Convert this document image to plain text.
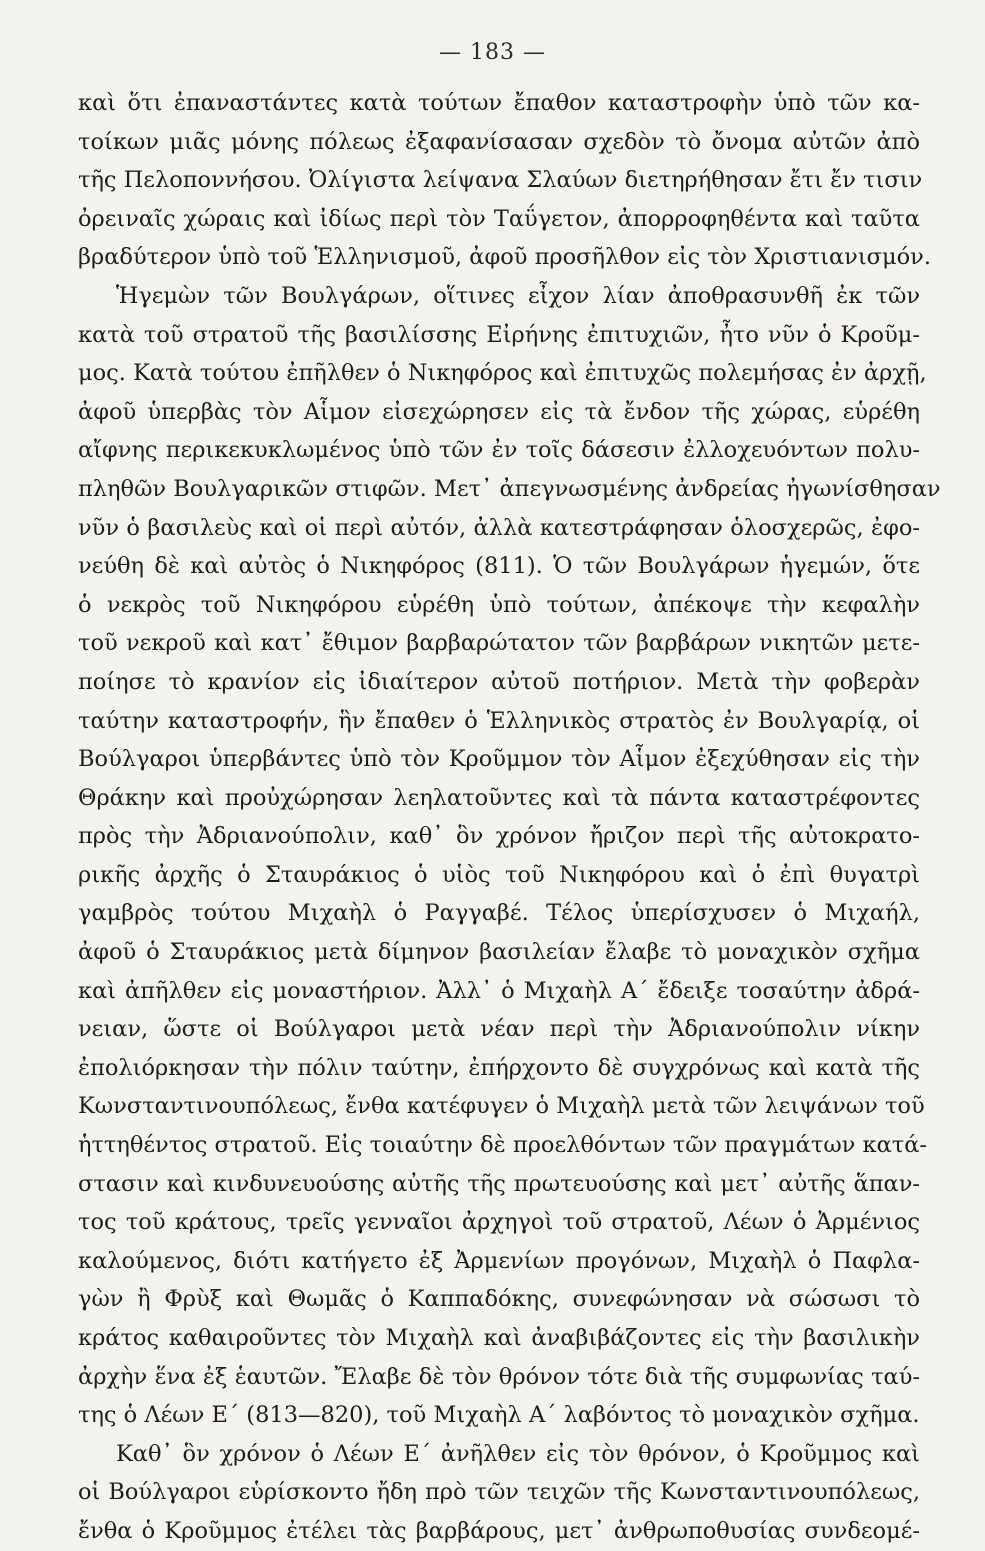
— 183 —
καὶ ὅτι ἐπαναστάντες κατὰ τούτων ἔπαθον καταστροφὴν ὑπὸ τῶν κα-
τοίκων μιᾶς μόνης πόλεως ἐξαφανίσασαν σχεδὸν τὸ ὄνομα αὐτῶν ἀπὸ
τῆς Πελοποννήσου. Ὀλίγιστα λείψανα Σλαύων διετηρήθησαν ἔτι ἔν τισιν
ὀρειναῖς χώραις καὶ ἰδίως περὶ τὸν Ταΰγετον, ἀπορροφηθέντα καὶ ταῦτα
βραδύτερον ὑπὸ τοῦ Ἑλληνισμοῦ, ἀφοῦ προσῆλθον εἰς τὸν Χριστιανισμόν.
Ἡγεμὼν τῶν Βουλγάρων, οἵτινες εἶχον λίαν ἀποθρασυνθῆ ἐκ τῶν
κατὰ τοῦ στρατοῦ τῆς βασιλίσσης Εἰρήνης ἐπιτυχιῶν, ἦτο νῦν ὁ Κροῦμ-
μος. Κατὰ τούτου ἐπῆλθεν ὁ Νικηφόρος καὶ ἐπιτυχῶς πολεμήσας ἐν ἀρχῇ,
ἀφοῦ ὑπερβὰς τὸν Αἷμον εἰσεχώρησεν εἰς τὰ ἔνδον τῆς χώρας, εὑρέθη
αἴφνης περικεκυκλωμένος ὑπὸ τῶν ἐν τοῖς δάσεσιν ἐλλοχευόντων πολυ-
πληθῶν Βουλγαρικῶν στιφῶν. Μετ᾽ ἀπεγνωσμένης ἀνδρείας ἠγωνίσθησαν
νῦν ὁ βασιλεὺς καὶ οἱ περὶ αὐτόν, ἀλλὰ κατεστράφησαν ὁλοσχερῶς, ἐφο-
νεύθη δὲ καὶ αὐτὸς ὁ Νικηφόρος (811). Ὁ τῶν Βουλγάρων ἡγεμών, ὅτε
ὁ νεκρὸς τοῦ Νικηφόρου εὑρέθη ὑπὸ τούτων, ἀπέκοψε τὴν κεφαλὴν
τοῦ νεκροῦ καὶ κατ᾽ ἔθιμον βαρβαρώτατον τῶν βαρβάρων νικητῶν μετε-
ποίησε τὸ κρανίον εἰς ἰδιαίτερον αὐτοῦ ποτήριον. Μετὰ τὴν φοβερὰν
ταύτην καταστροφήν, ἣν ἔπαθεν ὁ Ἑλληνικὸς στρατὸς ἐν Βουλγαρίᾳ, οἱ
Βούλγαροι ὑπερβάντες ὑπὸ τὸν Κροῦμμον τὸν Αἷμον ἐξεχύθησαν εἰς τὴν
Θράκην καὶ προὐχώρησαν λεηλατοῦντες καὶ τὰ πάντα καταστρέφοντες
πρὸς τὴν Ἀδριανούπολιν, καθ᾽ ὃν χρόνον ἤριζον περὶ τῆς αὐτοκρατο-
ρικῆς ἀρχῆς ὁ Σταυράκιος ὁ υἱὸς τοῦ Νικηφόρου καὶ ὁ ἐπὶ θυγατρὶ
γαμβρὸς τούτου Μιχαὴλ ὁ Ραγγαβέ. Τέλος ὑπερίσχυσεν ὁ Μιχαήλ,
ἀφοῦ ὁ Σταυράκιος μετὰ δίμηνον βασιλείαν ἔλαβε τὸ μοναχικὸν σχῆμα
καὶ ἀπῆλθεν εἰς μοναστήριον. Ἀλλ᾽ ὁ Μιχαὴλ Α΄ ἔδειξε τοσαύτην ἀδρά-
νειαν, ὥστε οἱ Βούλγαροι μετὰ νέαν περὶ τὴν Ἀδριανούπολιν νίκην
ἐπολιόρκησαν τὴν πόλιν ταύτην, ἐπήρχοντο δὲ συγχρόνως καὶ κατὰ τῆς
Κωνσταντινουπόλεως, ἔνθα κατέφυγεν ὁ Μιχαὴλ μετὰ τῶν λειψάνων τοῦ
ἡττηθέντος στρατοῦ. Εἰς τοιαύτην δὲ προελθόντων τῶν πραγμάτων κατά-
στασιν καὶ κινδυνευούσης αὐτῆς τῆς πρωτευούσης καὶ μετ᾽ αὐτῆς ἅπαν-
τος τοῦ κράτους, τρεῖς γενναῖοι ἀρχηγοὶ τοῦ στρατοῦ, Λέων ὁ Ἀρμένιος
καλούμενος, διότι κατήγετο ἐξ Ἀρμενίων προγόνων, Μιχαὴλ ὁ Παφλα-
γὼν ἢ Φρὺξ καὶ Θωμᾶς ὁ Καππαδόκης, συνεφώνησαν νὰ σώσωσι τὸ
κράτος καθαιροῦντες τὸν Μιχαὴλ καὶ ἀναβιβάζοντες εἰς τὴν βασιλικὴν
ἀρχὴν ἕνα ἐξ ἑαυτῶν. Ἔλαβε δὲ τὸν θρόνον τότε διὰ τῆς συμφωνίας ταύ-
της ὁ Λέων Ε΄ (813—820), τοῦ Μιχαὴλ Α΄ λαβόντος τὸ μοναχικὸν σχῆμα.
Καθ᾽ ὃν χρόνον ὁ Λέων Ε΄ ἀνῆλθεν εἰς τὸν θρόνον, ὁ Κροῦμμος καὶ
οἱ Βούλγαροι εὑρίσκοντο ἤδη πρὸ τῶν τειχῶν τῆς Κωνσταντινουπόλεως,
ἔνθα ὁ Κροῦμμος ἐτέλει τὰς βαρβάρους, μετ᾽ ἀνθρωποθυσίας συνδεομέ-
